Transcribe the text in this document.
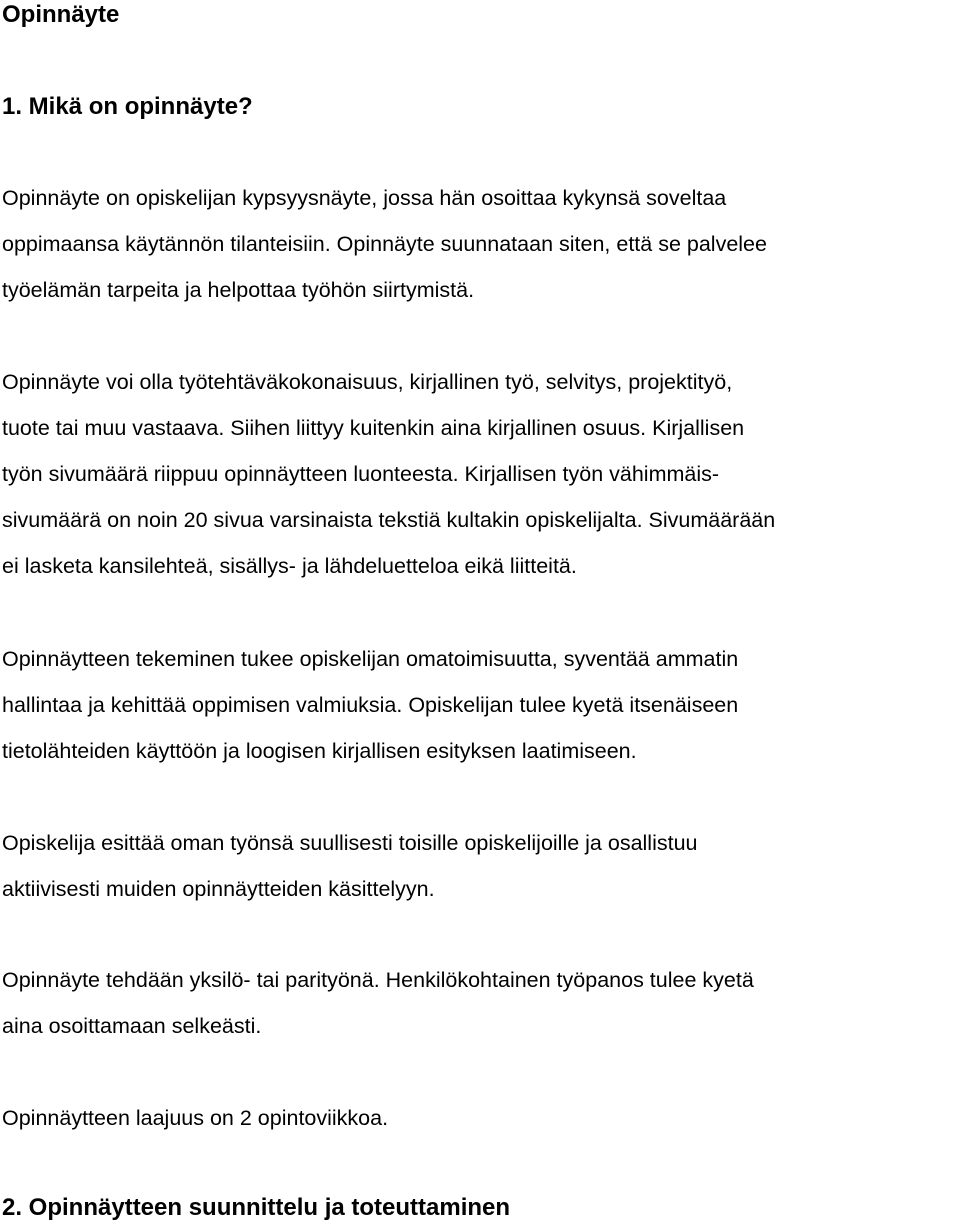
Opinnäyte
1. Mikä on opinnäyte?

Opinnäyte on opiskelijan kypsyysnäyte, jossa hän osoittaa kykynsä soveltaa
oppimaansa käytännön tilanteisiin. Opinnäyte suunnataan siten, että se palvelee
työelämän tarpeita ja helpottaa työhön siirtymistä.

Opinnäyte voi olla työtehtäväkokonaisuus, kirjallinen työ, selvitys, projektityö,
tuote tai muu vastaava. Siihen liittyy kuitenkin aina kirjallinen osuus. Kirjallisen
työn sivumäärä riippuu opinnäytteen luonteesta. Kirjallisen työn vähimmäis-
sivumäärä on noin 20 sivua varsinaista tekstiä kultakin opiskelijalta. Sivumäärään
ei lasketa kansilehteä, sisällys- ja lähdeluetteloa eikä liitteitä.

Opinnäytteen tekeminen tukee opiskelijan omatoimisuutta, syventää ammatin
hallintaa ja kehittää oppimisen valmiuksia. Opiskelijan tulee kyetä itsenäiseen
tietolähteiden käyttöön ja loogisen kirjallisen esityksen laatimiseen.

Opiskelija esittää oman työnsä suullisesti toisille opiskelijoille ja osallistuu
aktiivisesti muiden opinnäytteiden käsittelyyn.

Opinnäyte tehdään yksilö- tai parityönä. Henkilökohtainen työpanos tulee kyetä
aina osoittamaan selkeästi.

Opinnäytteen laajuus on 2 opintoviikkoa.

2. Opinnäytteen suunnittelu ja toteuttaminen
